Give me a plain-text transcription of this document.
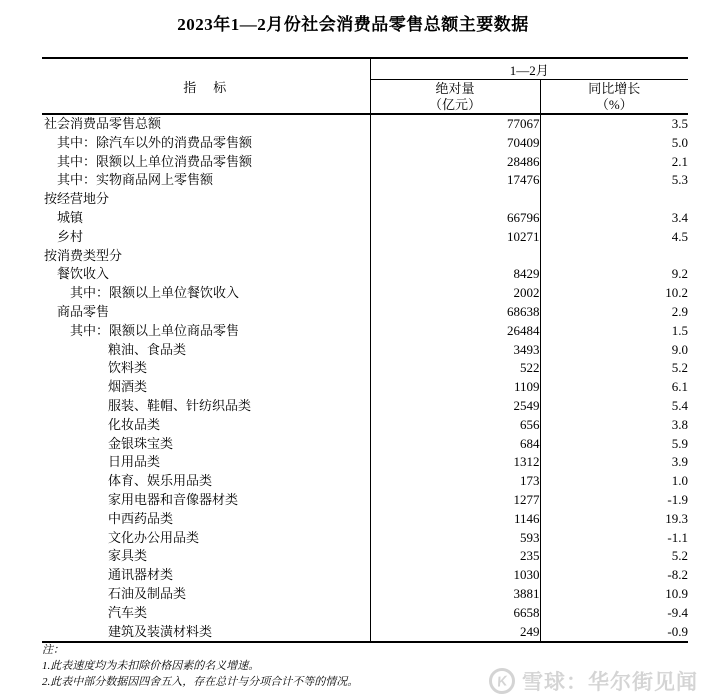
2023年1—2月份社会消费品零售总额主要数据
指　标	1—2月	

绝对量
（亿元）

同比增长
（%）

社会消费品零售总额	77067	3.5
其中：除汽车以外的消费品零售额	70409	5.0
其中：限额以上单位消费品零售额	28486	2.1
其中：实物商品网上零售额	17476	5.3
按经营地分		
城镇	66796	3.4
乡村	10271	4.5
按消费类型分		
餐饮收入	8429	9.2
其中：限额以上单位餐饮收入	2002	10.2
商品零售	68638	2.9
其中：限额以上单位商品零售	26484	1.5
粮油、食品类	3493	9.0
饮料类	522	5.2
烟酒类	1109	6.1
服装、鞋帽、针纺织品类	2549	5.4
化妆品类	656	3.8
金银珠宝类	684	5.9
日用品类	1312	3.9
体育、娱乐用品类	173	1.0
家用电器和音像器材类	1277	-1.9
中西药品类	1146	19.3
文化办公用品类	593	-1.1
家具类	235	5.2
通讯器材类	1030	-8.2
石油及制品类	3881	10.9
汽车类	6658	-9.4
建筑及装潢材料类	249	-0.9
注：
1.此表速度均为未扣除价格因素的名义增速。
2.此表中部分数据因四舍五入，存在总计与分项合计不等的情况。	K 雪球：华尔街见闻
